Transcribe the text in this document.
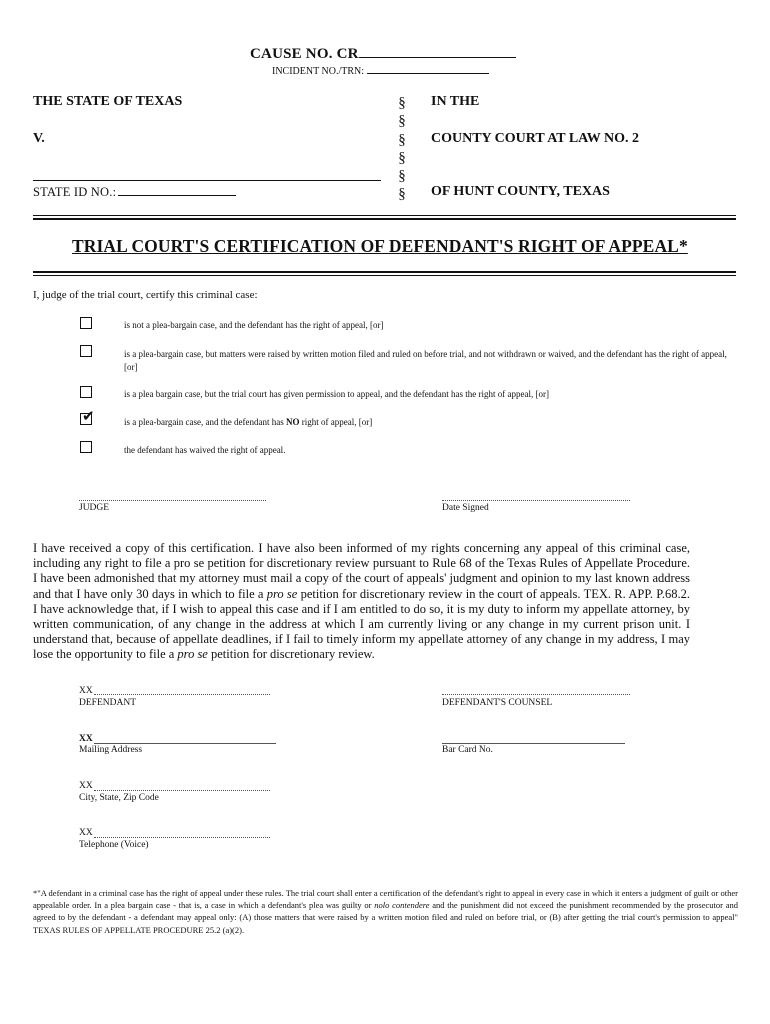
CAUSE NO. CR
INCIDENT NO./TRN:
THE STATE OF TEXAS
V.
STATE ID NO.:
§
§
§
§
§
§
IN THE
COUNTY COURT AT LAW NO. 2
OF HUNT COUNTY, TEXAS
TRIAL COURT'S CERTIFICATION OF DEFENDANT'S RIGHT OF APPEAL*
I, judge of the trial court, certify this criminal case:
is not a plea-bargain case, and the defendant has the right of appeal, [or]
is a plea-bargain case, but matters were raised by written motion filed and ruled on before trial, and not withdrawn or waived, and the defendant has the right of appeal, [or]
is a plea bargain case, but the trial court has given permission to appeal, and the defendant has the right of appeal, [or]
✔	is a plea-bargain case, and the defendant has NO right of appeal, [or]
the defendant has waived the right of appeal.
JUDGE	Date Signed
I have received a copy of this certification. I have also been informed of my rights concerning any appeal of this criminal case, including any right to file a pro se petition for discretionary review pursuant to Rule 68 of the Texas Rules of Appellate Procedure. I have been admonished that my attorney must mail a copy of the court of appeals' judgment and opinion to my last known address and that I have only 30 days in which to file a pro se petition for discretionary review in the court of appeals. TEX. R. APP. P.68.2. I have acknowledge that, if I wish to appeal this case and if I am entitled to do so, it is my duty to inform my appellate attorney, by written communication, of any change in the address at which I am currently living or any change in my current prison unit. I understand that, because of appellate deadlines, if I fail to timely inform my appellate attorney of any change in my address, I may lose the opportunity to file a pro se petition for discretionary review.
XX
DEFENDANT	DEFENDANT'S COUNSEL
XX
Mailing Address	Bar Card No.
XX
City, State, Zip Code
XX
Telephone (Voice)
*"A defendant in a criminal case has the right of appeal under these rules. The trial court shall enter a certification of the defendant's right to appeal in every case in which it enters a judgment of guilt or other appealable order. In a plea bargain case - that is, a case in which a defendant's plea was guilty or nolo contendere and the punishment did not exceed the punishment recommended by the prosecutor and agreed to by the defendant - a defendant may appeal only: (A) those matters that were raised by a written motion filed and ruled on before trial, or (B) after getting the trial court's permission to appeal" TEXAS RULES OF APPELLATE PROCEDURE 25.2 (a)(2).
